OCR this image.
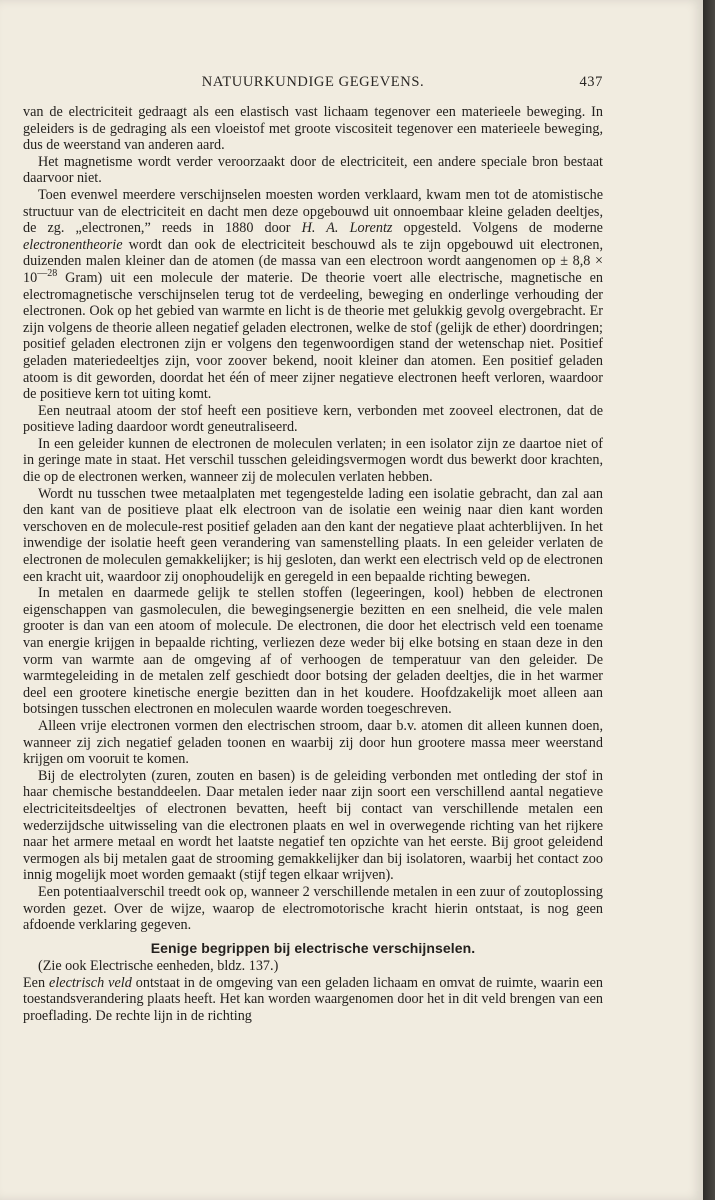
NATUURKUNDIGE GEGEVENS.	437

van de electriciteit gedraagt als een elastisch vast lichaam tegenover een materieele beweging. In geleiders is de gedraging als een vloeistof met groote viscositeit tegenover een materieele beweging, dus de weerstand van anderen aard.

Het magnetisme wordt verder veroorzaakt door de electriciteit, een andere speciale bron bestaat daarvoor niet.

Toen evenwel meerdere verschijnselen moesten worden verklaard, kwam men tot de atomistische structuur van de electriciteit en dacht men deze opgebouwd uit onnoembaar kleine geladen deeltjes, de zg. „electronen,” reeds in 1880 door H. A. Lorentz opgesteld. Volgens de moderne electronentheorie wordt dan ook de electriciteit beschouwd als te zijn opgebouwd uit electronen, duizenden malen kleiner dan de atomen (de massa van een electroon wordt aangenomen op ± $8,8 \times 10^{—28}$ Gram) uit een molecule der materie. De theorie voert alle electrische, magnetische en electromagnetische verschijnselen terug tot de verdeeling, beweging en onderlinge verhouding der electronen. Ook op het gebied van warmte en licht is de theorie met gelukkig gevolg overgebracht. Er zijn volgens de theorie alleen negatief geladen electronen, welke de stof (gelijk de ether) doordringen; positief geladen electronen zijn er volgens den tegenwoordigen stand der wetenschap niet. Positief geladen materiedeeltjes zijn, voor zoover bekend, nooit kleiner dan atomen. Een positief geladen atoom is dit geworden, doordat het één of meer zijner negatieve electronen heeft verloren, waardoor de positieve kern tot uiting komt.

Een neutraal atoom der stof heeft een positieve kern, verbonden met zooveel electronen, dat de positieve lading daardoor wordt geneutraliseerd.

In een geleider kunnen de electronen de moleculen verlaten; in een isolator zijn ze daartoe niet of in geringe mate in staat. Het verschil tusschen geleidingsvermogen wordt dus bewerkt door krachten, die op de electronen werken, wanneer zij de moleculen verlaten hebben.

Wordt nu tusschen twee metaalplaten met tegengestelde lading een isolatie gebracht, dan zal aan den kant van de positieve plaat elk electroon van de isolatie een weinig naar dien kant worden verschoven en de molecule-rest positief geladen aan den kant der negatieve plaat achterblijven. In het inwendige der isolatie heeft geen verandering van samenstelling plaats. In een geleider verlaten de electronen de moleculen gemakkelijker; is hij gesloten, dan werkt een electrisch veld op de electronen een kracht uit, waardoor zij onophoudelijk en geregeld in een bepaalde richting bewegen.

In metalen en daarmede gelijk te stellen stoffen (legeeringen, kool) hebben de electronen eigenschappen van gasmoleculen, die bewegingsenergie bezitten en een snelheid, die vele malen grooter is dan van een atoom of molecule. De electronen, die door het electrisch veld een toename van energie krijgen in bepaalde richting, verliezen deze weder bij elke botsing en staan deze in den vorm van warmte aan de omgeving af of verhoogen de temperatuur van den geleider. De warmtegeleiding in de metalen zelf geschiedt door botsing der geladen deeltjes, die in het warmer deel een grootere kinetische energie bezitten dan in het koudere. Hoofdzakelijk moet alleen aan botsingen tusschen electronen en moleculen waarde worden toegeschreven.

Alleen vrije electronen vormen den electrischen stroom, daar b.v. atomen dit alleen kunnen doen, wanneer zij zich negatief geladen toonen en waarbij zij door hun grootere massa meer weerstand krijgen om vooruit te komen.

Bij de electrolyten (zuren, zouten en basen) is de geleiding verbonden met ontleding der stof in haar chemische bestanddeelen. Daar metalen ieder naar zijn soort een verschillend aantal negatieve electriciteitsdeeltjes of electronen bevatten, heeft bij contact van verschillende metalen een wederzijdsche uitwisseling van die electronen plaats en wel in overwegende richting van het rijkere naar het armere metaal en wordt het laatste negatief ten opzichte van het eerste. Bij groot geleidend vermogen als bij metalen gaat de strooming gemakkelijker dan bij isolatoren, waarbij het contact zoo innig mogelijk moet worden gemaakt (stijf tegen elkaar wrijven).

Een potentiaalverschil treedt ook op, wanneer 2 verschillende metalen in een zuur of zoutoplossing worden gezet. Over de wijze, waarop de electromotorische kracht hierin ontstaat, is nog geen afdoende verklaring gegeven.

Eenige begrippen bij electrische verschijnselen.

(Zie ook Electrische eenheden, bldz. 137.)

Een electrisch veld ontstaat in de omgeving van een geladen lichaam en omvat de ruimte, waarin een toestandsverandering plaats heeft. Het kan worden waargenomen door het in dit veld brengen van een proeflading. De rechte lijn in de richting
